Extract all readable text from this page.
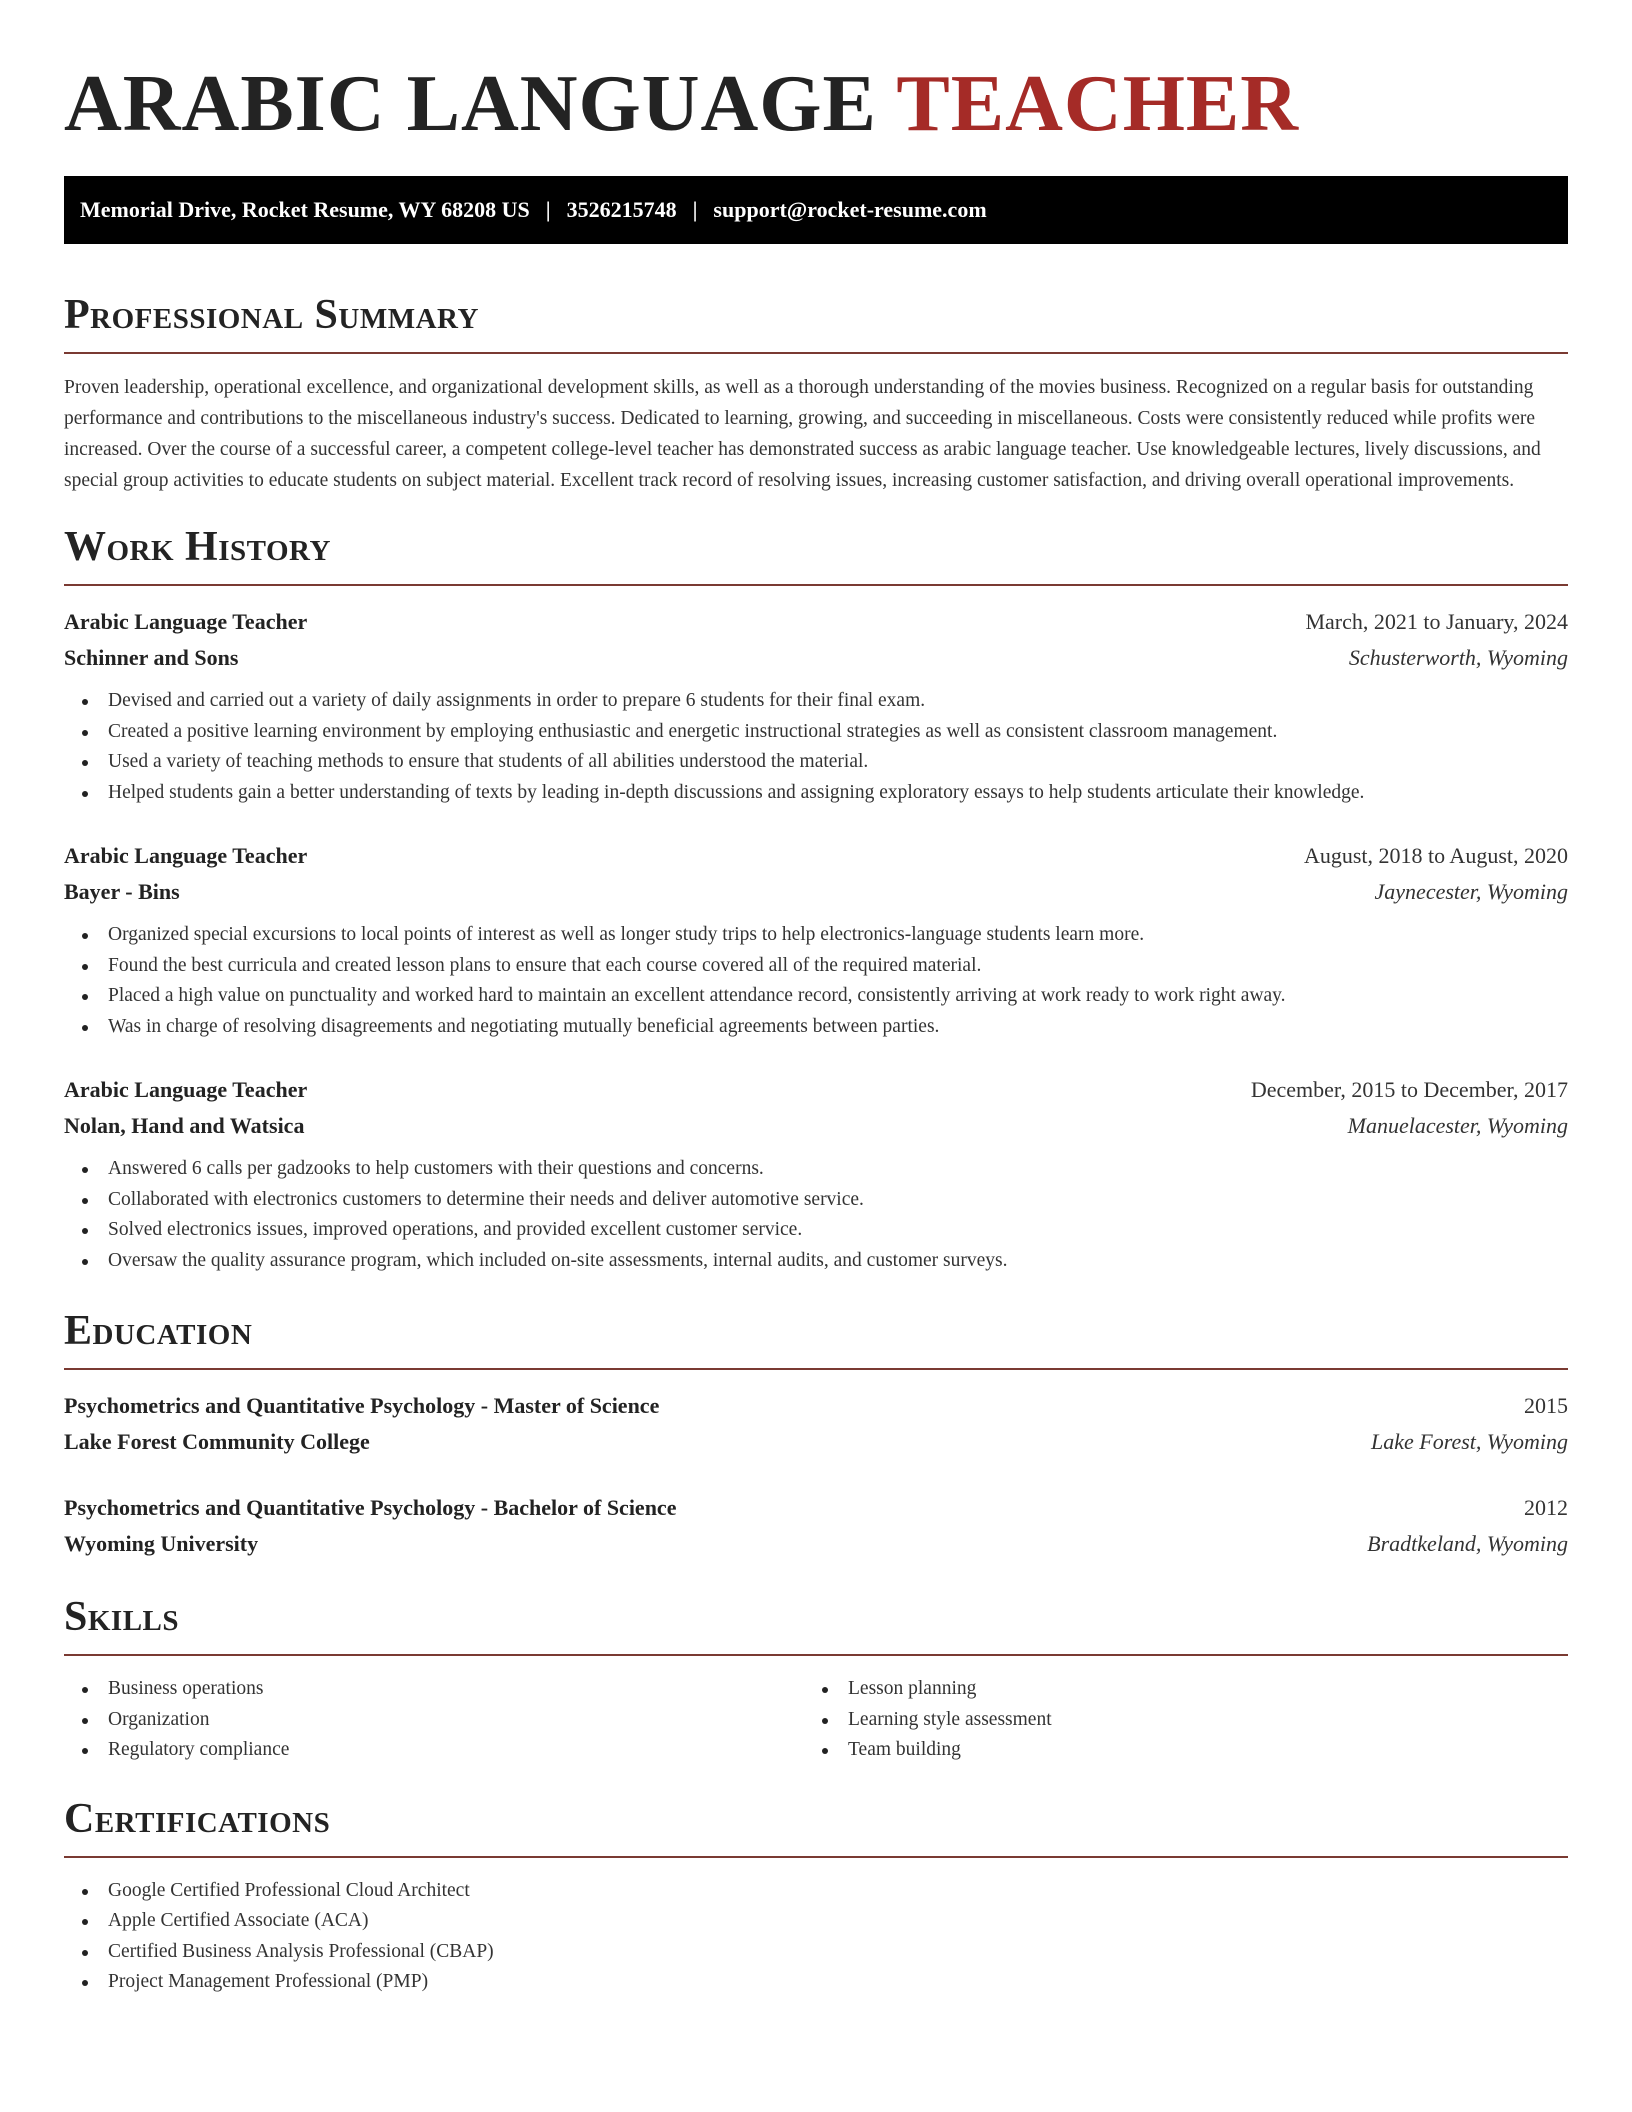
ARABIC LANGUAGE TEACHER
Memorial Drive, Rocket Resume, WY 68208 US | 3526215748 | support@rocket-resume.com
Professional Summary

Proven leadership, operational excellence, and organizational development skills, as well as a thorough understanding of the movies business. Recognized on a regular basis for outstanding performance and contributions to the miscellaneous industry's success. Dedicated to learning, growing, and succeeding in miscellaneous. Costs were consistently reduced while profits were increased. Over the course of a successful career, a competent college-level teacher has demonstrated success as arabic language teacher. Use knowledgeable lectures, lively discussions, and special group activities to educate students on subject material. Excellent track record of resolving issues, increasing customer satisfaction, and driving overall operational improvements.

Work History
Arabic Language Teacher	March, 2021 to January, 2024
Schinner and Sons	Schusterworth, Wyoming
Devised and carried out a variety of daily assignments in order to prepare 6 students for their final exam.
Created a positive learning environment by employing enthusiastic and energetic instructional strategies as well as consistent classroom management.
Used a variety of teaching methods to ensure that students of all abilities understood the material.
Helped students gain a better understanding of texts by leading in-depth discussions and assigning exploratory essays to help students articulate their knowledge.
Arabic Language Teacher	August, 2018 to August, 2020
Bayer - Bins	Jaynecester, Wyoming
Organized special excursions to local points of interest as well as longer study trips to help electronics-language students learn more.
Found the best curricula and created lesson plans to ensure that each course covered all of the required material.
Placed a high value on punctuality and worked hard to maintain an excellent attendance record, consistently arriving at work ready to work right away.
Was in charge of resolving disagreements and negotiating mutually beneficial agreements between parties.
Arabic Language Teacher	December, 2015 to December, 2017
Nolan, Hand and Watsica	Manuelacester, Wyoming
Answered 6 calls per gadzooks to help customers with their questions and concerns.
Collaborated with electronics customers to determine their needs and deliver automotive service.
Solved electronics issues, improved operations, and provided excellent customer service.
Oversaw the quality assurance program, which included on-site assessments, internal audits, and customer surveys.
Education
Psychometrics and Quantitative Psychology - Master of Science	2015
Lake Forest Community College	Lake Forest, Wyoming
Psychometrics and Quantitative Psychology - Bachelor of Science	2012
Wyoming University	Bradtkeland, Wyoming
Skills
Business operations
Organization
Regulatory compliance
Lesson planning
Learning style assessment
Team building
Certifications
Google Certified Professional Cloud Architect
Apple Certified Associate (ACA)
Certified Business Analysis Professional (CBAP)
Project Management Professional (PMP)
